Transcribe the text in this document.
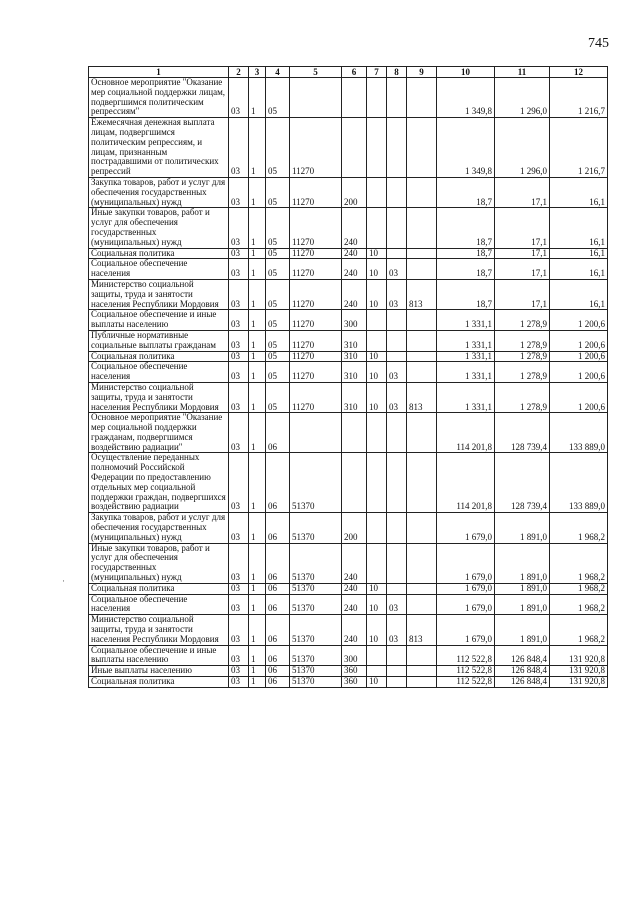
745
·
1	2	3	4	5	6	7	8	9	10	11	12
Основное мероприятие "Оказание мер социальной поддержки лицам, подвергшимся политическим репрессиям"	03	1	05						1 349,8	1 296,0	1 216,7
Ежемесячная денежная выплата лицам, подвергшимся политическим репрессиям, и лицам, признанным пострадавшими от политических репрессий	03	1	05	11270					1 349,8	1 296,0	1 216,7
Закупка товаров, работ и услуг для обеспечения государственных (муниципальных) нужд	03	1	05	11270	200				18,7	17,1	16,1
Иные закупки товаров, работ и услуг для обеспечения государственных (муниципальных) нужд	03	1	05	11270	240				18,7	17,1	16,1
Социальная политика	03	1	05	11270	240	10			18,7	17,1	16,1
Социальное обеспечение населения	03	1	05	11270	240	10	03		18,7	17,1	16,1
Министерство социальной защиты, труда и занятости населения Республики Мордовия	03	1	05	11270	240	10	03	813	18,7	17,1	16,1
Социальное обеспечение и иные выплаты населению	03	1	05	11270	300				1 331,1	1 278,9	1 200,6
Публичные нормативные социальные выплаты гражданам	03	1	05	11270	310				1 331,1	1 278,9	1 200,6
Социальная политика	03	1	05	11270	310	10			1 331,1	1 278,9	1 200,6
Социальное обеспечение населения	03	1	05	11270	310	10	03		1 331,1	1 278,9	1 200,6
Министерство социальной защиты, труда и занятости населения Республики Мордовия	03	1	05	11270	310	10	03	813	1 331,1	1 278,9	1 200,6
Основное мероприятие "Оказание мер социальной поддержки гражданам, подвергшимся воздействию радиации"	03	1	06						114 201,8	128 739,4	133 889,0
Осуществление переданных полномочий Российской Федерации по предоставлению отдельных мер социальной поддержки граждан, подвергшихся воздействию радиации	03	1	06	51370					114 201,8	128 739,4	133 889,0
Закупка товаров, работ и услуг для обеспечения государственных (муниципальных) нужд	03	1	06	51370	200				1 679,0	1 891,0	1 968,2
Иные закупки товаров, работ и услуг для обеспечения государственных (муниципальных) нужд	03	1	06	51370	240				1 679,0	1 891,0	1 968,2
Социальная политика	03	1	06	51370	240	10			1 679,0	1 891,0	1 968,2
Социальное обеспечение населения	03	1	06	51370	240	10	03		1 679,0	1 891,0	1 968,2
Министерство социальной защиты, труда и занятости населения Республики Мордовия	03	1	06	51370	240	10	03	813	1 679,0	1 891,0	1 968,2
Социальное обеспечение и иные выплаты населению	03	1	06	51370	300				112 522,8	126 848,4	131 920,8
Иные выплаты населению	03	1	06	51370	360				112 522,8	126 848,4	131 920,8
Социальная политика	03	1	06	51370	360	10			112 522,8	126 848,4	131 920,8
